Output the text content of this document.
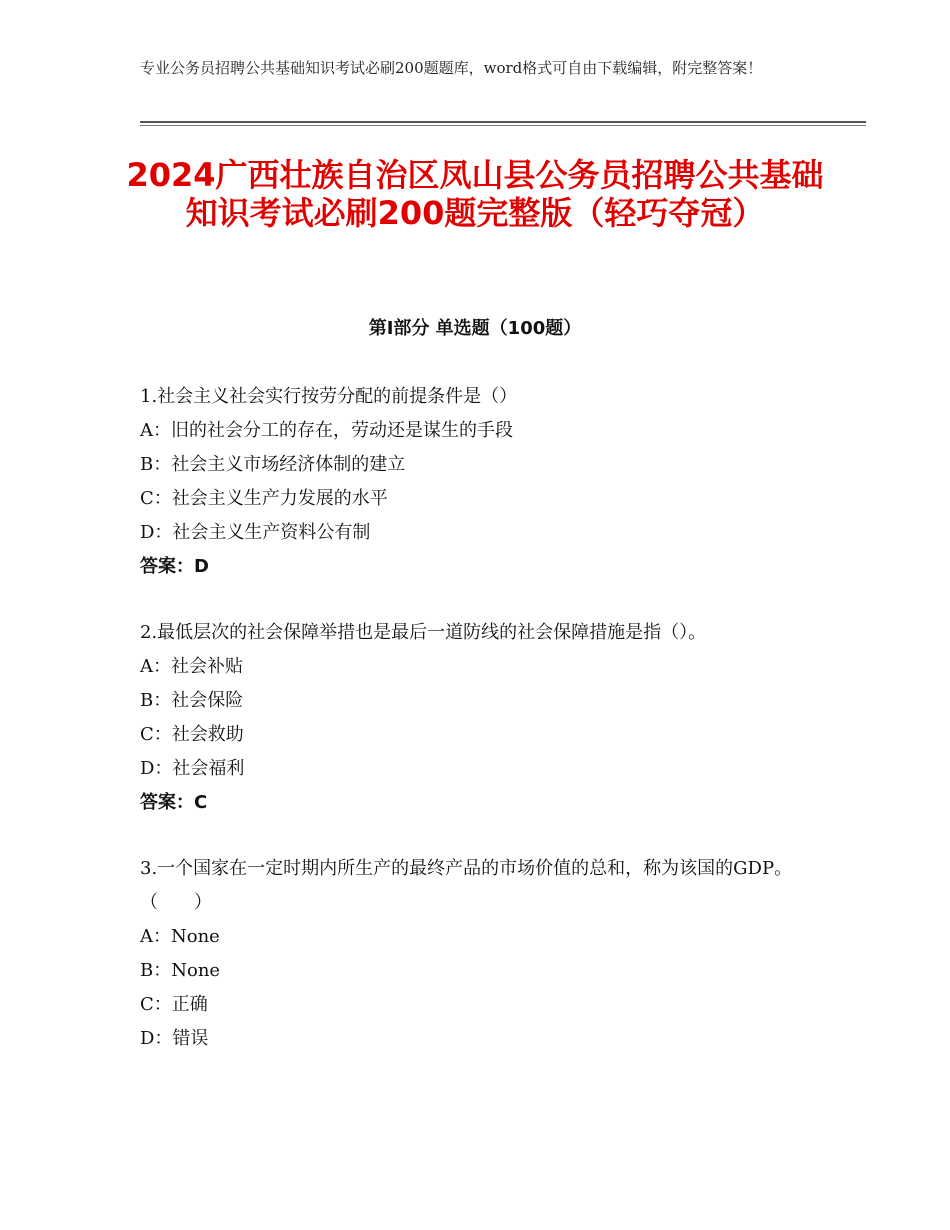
专业公务员招聘公共基础知识考试必刷200题题库，word格式可自由下载编辑，附完整答案！
2024广西壮族自治区凤山县公务员招聘公共基础知识考试必刷200题完整版（轻巧夺冠）
第Ⅰ部分 单选题（100题）
1.社会主义社会实行按劳分配的前提条件是（）
A：旧的社会分工的存在，劳动还是谋生的手段
B：社会主义市场经济体制的建立
C：社会主义生产力发展的水平
D：社会主义生产资料公有制
答案：D
2.最低层次的社会保障举措也是最后一道防线的社会保障措施是指（）。
A：社会补贴
B：社会保险
C：社会救助
D：社会福利
答案：C
3.一个国家在一定时期内所生产的最终产品的市场价值的总和，称为该国的GDP。（　　）
A：None
B：None
C：正确
D：错误
